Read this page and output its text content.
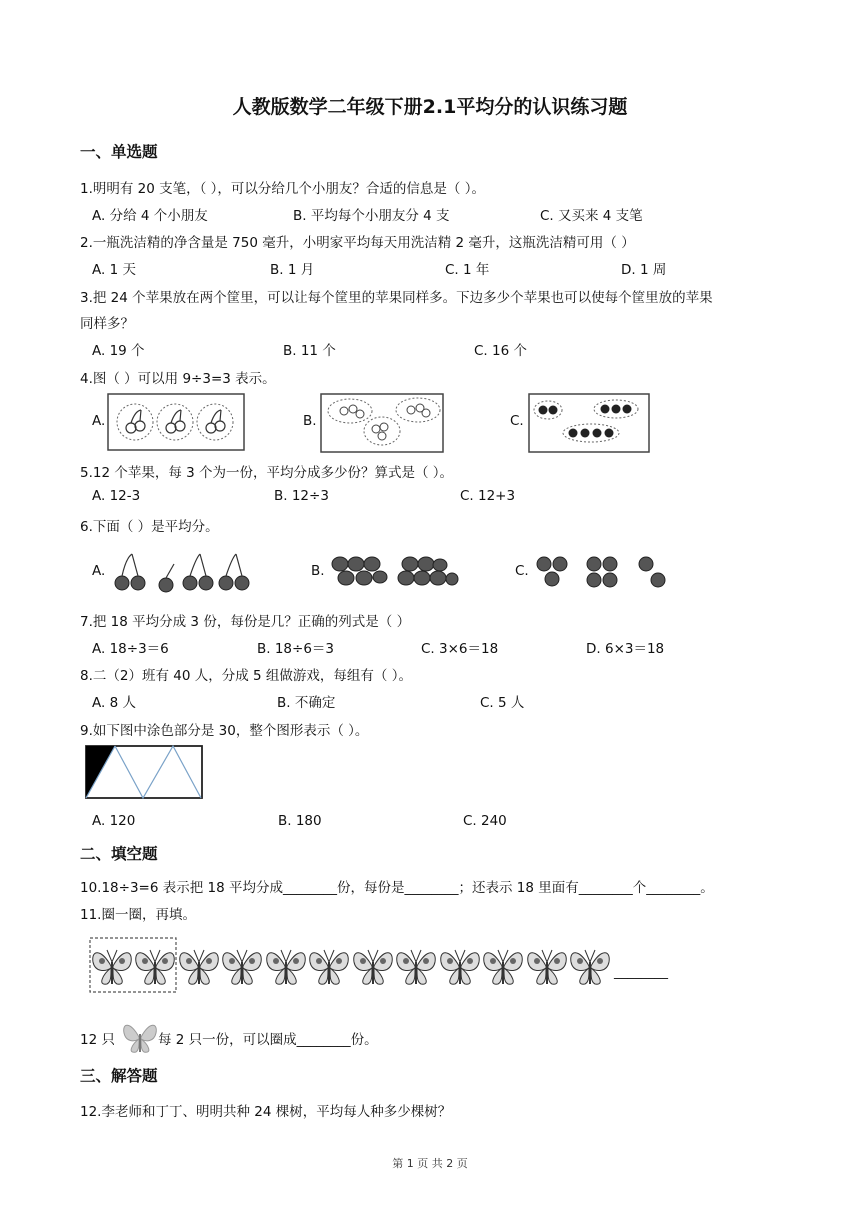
人教版数学二年级下册2.1平均分的认识练习题
一、单选题
1.明明有 20 支笔，（ ），可以分给几个小朋友？合适的信息是（ ）。
A. 分给 4 个小朋友	B. 平均每个小朋友分 4 支	C. 又买来 4 支笔
2.一瓶洗洁精的净含量是 750 毫升，小明家平均每天用洗洁精 2 毫升，这瓶洗洁精可用（ ）
A. 1 天	B. 1 月	C. 1 年	D. 1 周
3.把 24 个苹果放在两个筐里，可以让每个筐里的苹果同样多。下边多少个苹果也可以使每个筐里放的苹果
同样多？
A. 19 个	B. 11 个	C. 16 个
4.图（ ）可以用 9÷3=3 表示。
A.	B.	C.
5.12 个苹果，每 3 个为一份，平均分成多少份？算式是（ ）。
A. 12-3	B. 12÷3	C. 12+3
6.下面（ ）是平均分。
A.	B.	C.
7.把 18 平均分成 3 份，每份是几？正确的列式是（ ）
A. 18÷3＝6	B. 18÷6＝3	C. 3×6＝18	D. 6×3＝18
8.二（2）班有 40 人，分成 5 组做游戏，每组有（ ）。
A. 8 人	B. 不确定	C. 5 人
9.如下图中涂色部分是 30，整个图形表示（ ）。
A. 120	B. 180	C. 240
二、填空题
10.18÷3=6 表示把 18 平均分成________份，每份是________；还表示 18 里面有________个________。
11.圈一圈，再填。
________
12 只	每 2 只一份，可以圈成________份。
三、解答题
12.李老师和丁丁、明明共种 24 棵树，平均每人种多少棵树？
第 1 页 共 2 页
